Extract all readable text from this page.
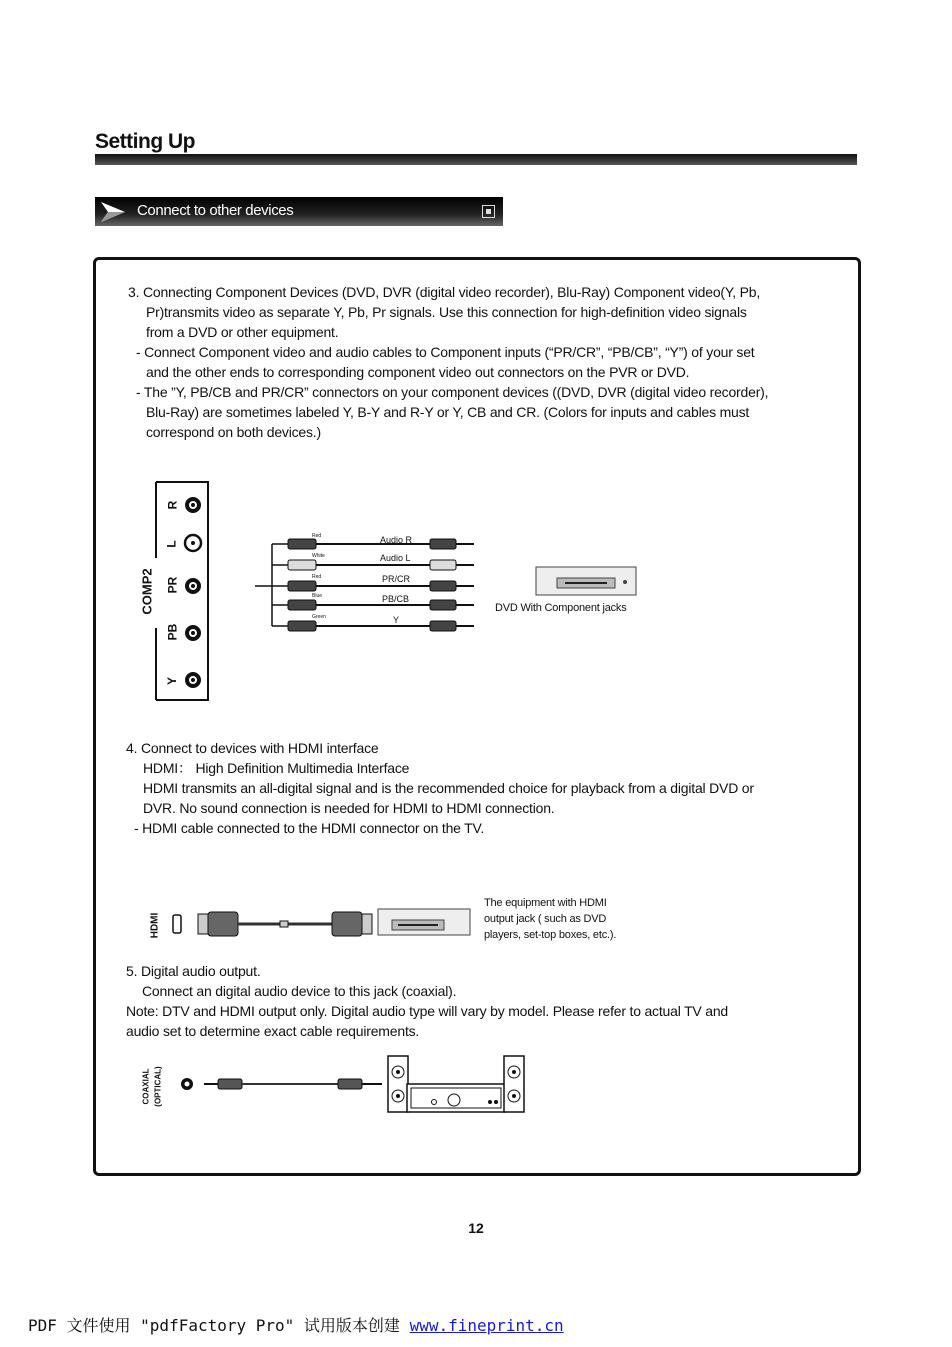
Setting Up
Connect to other devices
3. Connecting Component Devices (DVD, DVR (digital video recorder), Blu-Ray) Component video(Y, Pb,
Pr)transmits video as separate Y, Pb, Pr signals. Use this connection for high-definition video signals
from a DVD or other equipment.
- Connect Component video and audio cables to Component inputs (“PR/CR”, “PB/CB”, “Y”) of your set
and the other ends to corresponding component video out connectors on the PVR or DVD.
- The ”Y, PB/CB and PR/CR” connectors on your component devices ((DVD, DVR (digital video recorder),
Blu-Ray) are sometimes labeled Y, B-Y and R-Y or Y, CB and CR. (Colors for inputs and cables must
correspond on both devices.)
R
L
PR
PB
Y
COMP2
Red
White
Red
Blue
Green
Audio R
Audio L
PR/CR
PB/CB
Y
DVD With Component jacks
4. Connect to devices with HDMI interface
HDMI： High Definition Multimedia Interface
HDMI transmits an all-digital signal and is the recommended choice for playback from a digital DVD or
DVR. No sound connection is needed for HDMI to HDMI connection.
- HDMI cable connected to the HDMI connector on the TV.
HDMI
The equipment with HDMI
output jack ( such as DVD
players, set-top boxes, etc.).
5. Digital audio output.
Connect an digital audio device to this jack (coaxial).
Note: DTV and HDMI output only. Digital audio type will vary by model. Please refer to actual TV and
audio set to determine exact cable requirements.
COAXIAL (OPTICAL)
12
PDF 文件使用 "pdfFactory Pro" 试用版本创建 www.fineprint.cn
